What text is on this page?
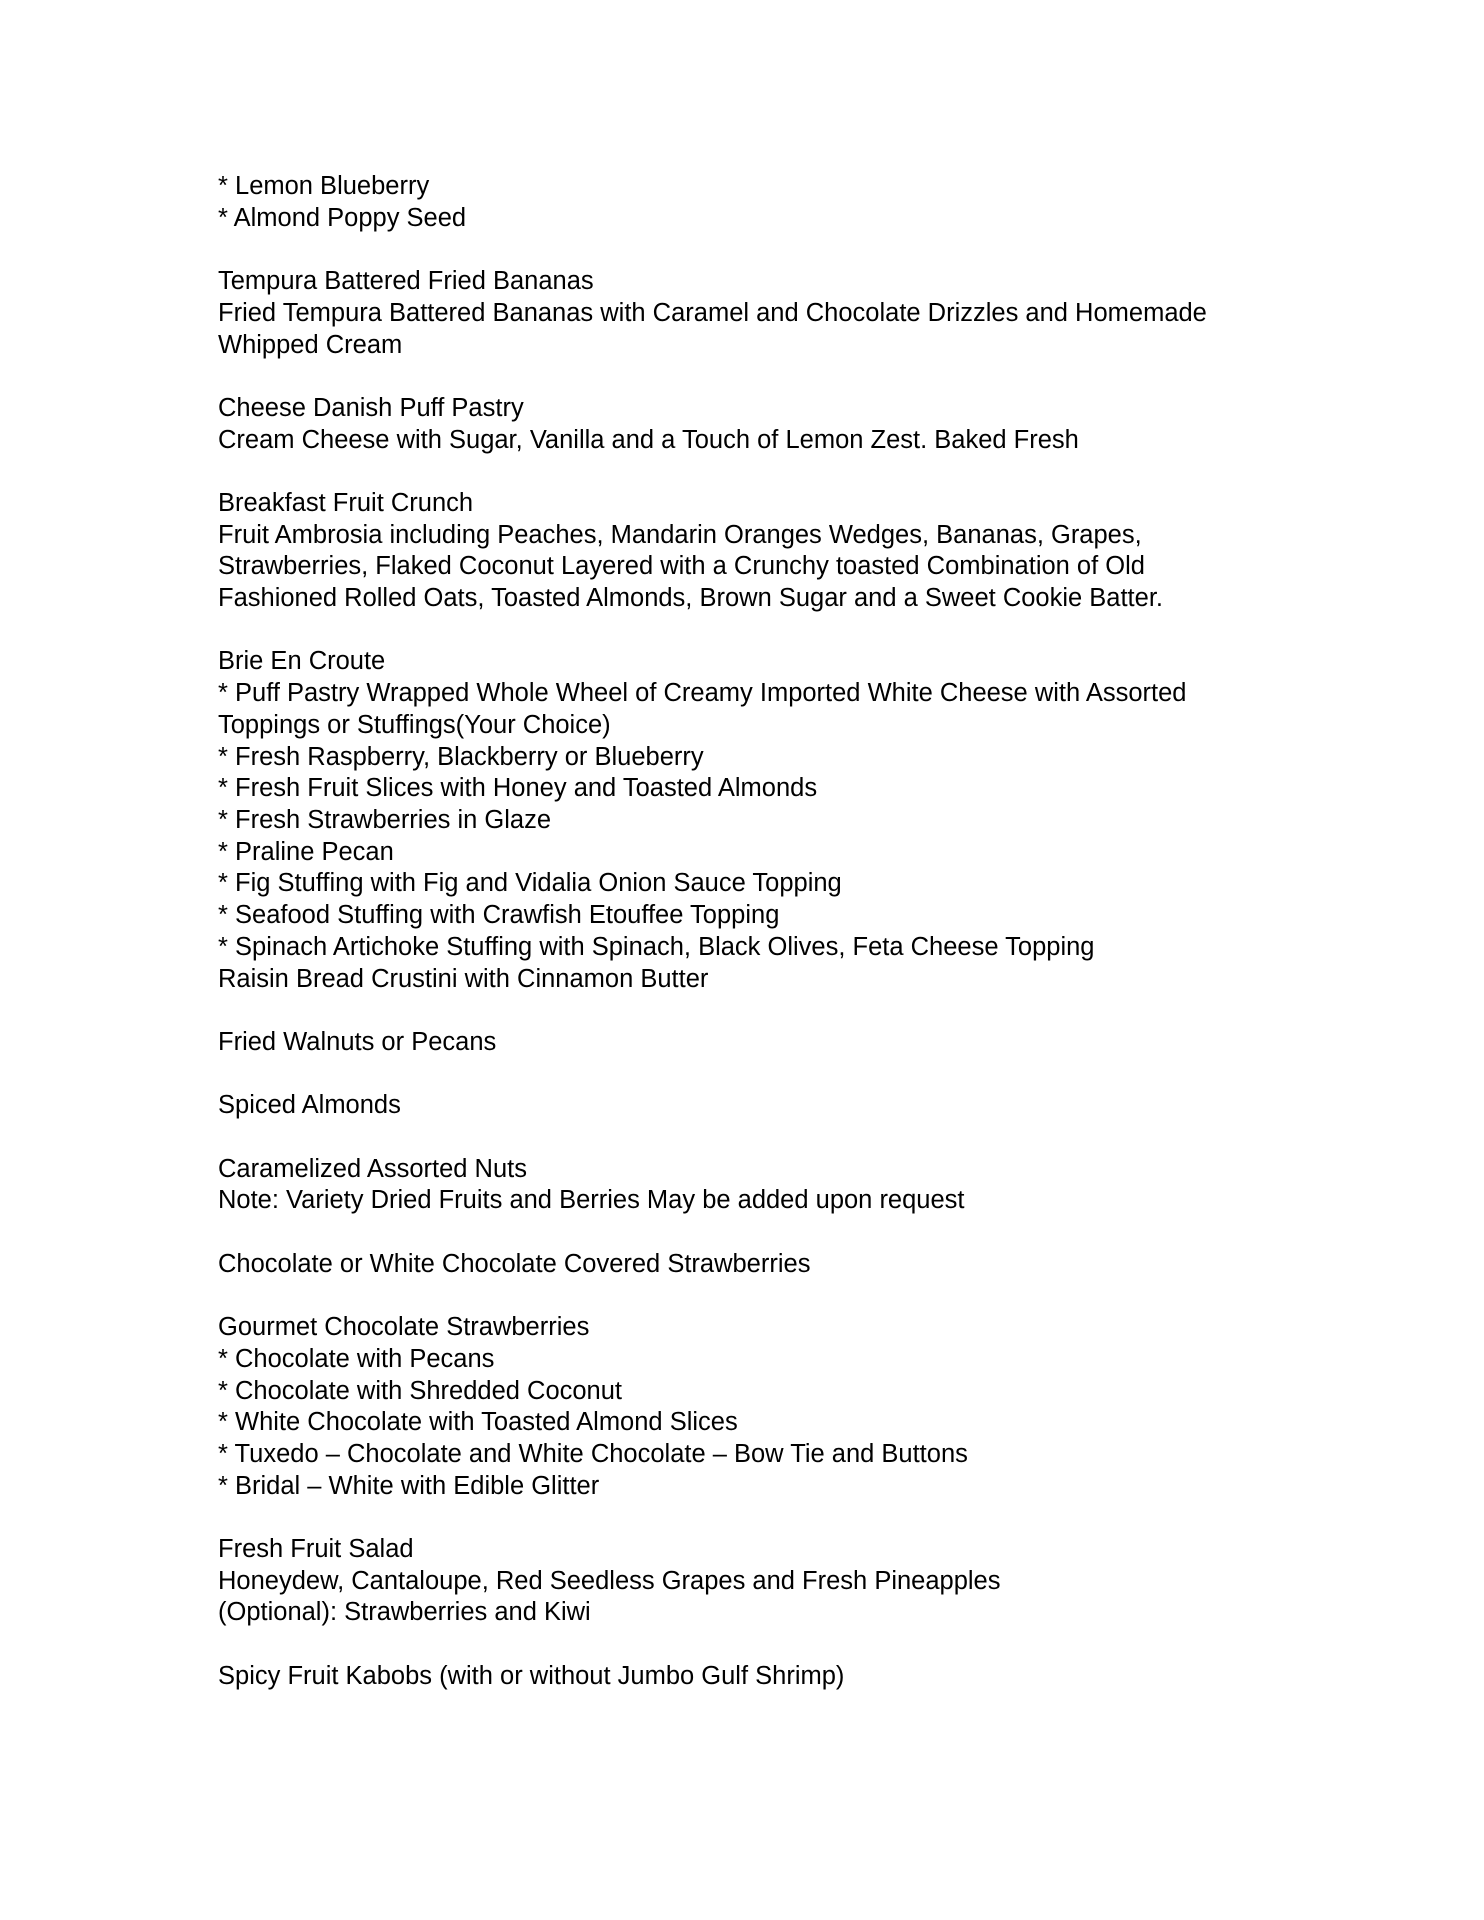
* Lemon Blueberry
* Almond Poppy Seed
Tempura Battered Fried Bananas
Fried Tempura Battered Bananas with Caramel and Chocolate Drizzles and Homemade
Whipped Cream
Cheese Danish Puff Pastry
Cream Cheese with Sugar, Vanilla and a Touch of Lemon Zest. Baked Fresh
Breakfast Fruit Crunch
Fruit Ambrosia including Peaches, Mandarin Oranges Wedges, Bananas, Grapes,
Strawberries, Flaked Coconut Layered with a Crunchy toasted Combination of Old
Fashioned Rolled Oats, Toasted Almonds, Brown Sugar and a Sweet Cookie Batter.
Brie En Croute
* Puff Pastry Wrapped Whole Wheel of Creamy Imported White Cheese with Assorted
Toppings or Stuffings(Your Choice)
* Fresh Raspberry, Blackberry or Blueberry
* Fresh Fruit Slices with Honey and Toasted Almonds
* Fresh Strawberries in Glaze
* Praline Pecan
* Fig Stuffing with Fig and Vidalia Onion Sauce Topping
* Seafood Stuffing with Crawfish Etouffee Topping
* Spinach Artichoke Stuffing with Spinach, Black Olives, Feta Cheese Topping
Raisin Bread Crustini with Cinnamon Butter
Fried Walnuts or Pecans
Spiced Almonds
Caramelized Assorted Nuts
Note: Variety Dried Fruits and Berries May be added upon request
Chocolate or White Chocolate Covered Strawberries
Gourmet Chocolate Strawberries
* Chocolate with Pecans
* Chocolate with Shredded Coconut
* White Chocolate with Toasted Almond Slices
* Tuxedo – Chocolate and White Chocolate – Bow Tie and Buttons
* Bridal – White with Edible Glitter
Fresh Fruit Salad
Honeydew, Cantaloupe, Red Seedless Grapes and Fresh Pineapples
(Optional): Strawberries and Kiwi
Spicy Fruit Kabobs (with or without Jumbo Gulf Shrimp)
